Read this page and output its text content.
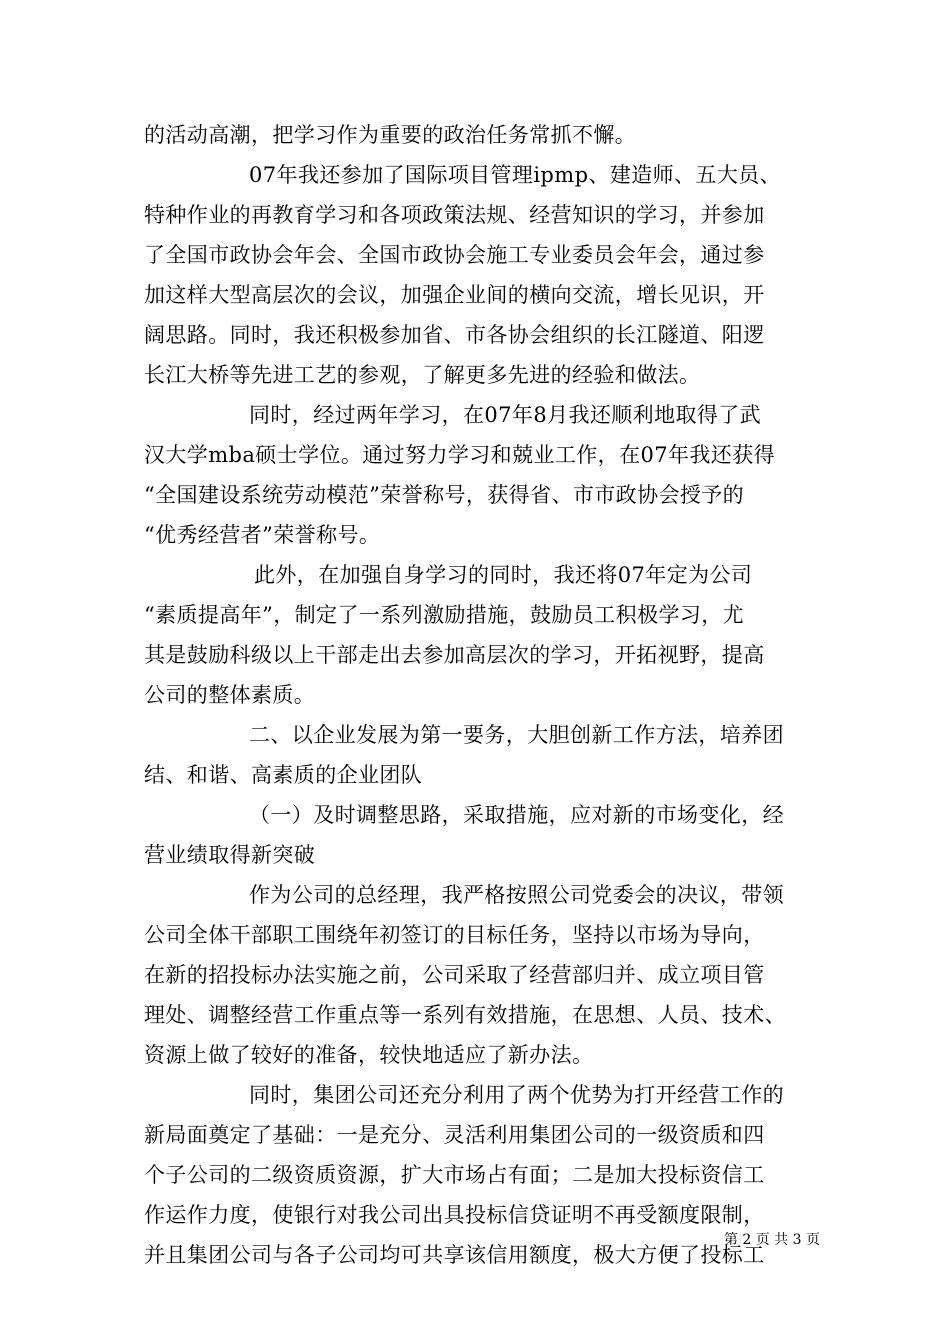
的活动高潮，把学习作为重要的政治任务常抓不懈。
07年我还参加了国际项目管理ipmp、建造师、五大员、
特种作业的再教育学习和各项政策法规、经营知识的学习，并参加
了全国市政协会年会、全国市政协会施工专业委员会年会，通过参
加这样大型高层次的会议，加强企业间的横向交流，增长见识，开
阔思路。同时，我还积极参加省、市各协会组织的长江隧道、阳逻
长江大桥等先进工艺的参观，了解更多先进的经验和做法。
同时，经过两年学习，在07年8月我还顺利地取得了武
汉大学mba硕士学位。通过努力学习和兢业工作，在07年我还获得
“全国建设系统劳动模范”荣誉称号，获得省、市市政协会授予的
“优秀经营者”荣誉称号。
此外，在加强自身学习的同时，我还将07年定为公司
“素质提高年”，制定了一系列激励措施，鼓励员工积极学习，尤
其是鼓励科级以上干部走出去参加高层次的学习，开拓视野，提高
公司的整体素质。
二、以企业发展为第一要务，大胆创新工作方法，培养团
结、和谐、高素质的企业团队
（一）及时调整思路，采取措施，应对新的市场变化，经
营业绩取得新突破
作为公司的总经理，我严格按照公司党委会的决议，带领
公司全体干部职工围绕年初签订的目标任务，坚持以市场为导向，
在新的招投标办法实施之前，公司采取了经营部归并、成立项目管
理处、调整经营工作重点等一系列有效措施，在思想、人员、技术、
资源上做了较好的准备，较快地适应了新办法。
同时，集团公司还充分利用了两个优势为打开经营工作的
新局面奠定了基础：一是充分、灵活利用集团公司的一级资质和四
个子公司的二级资质资源，扩大市场占有面；二是加大投标资信工
作运作力度，使银行对我公司出具投标信贷证明不再受额度限制，
并且集团公司与各子公司均可共享该信用额度，极大方便了投标工
第 2 页 共 3 页
